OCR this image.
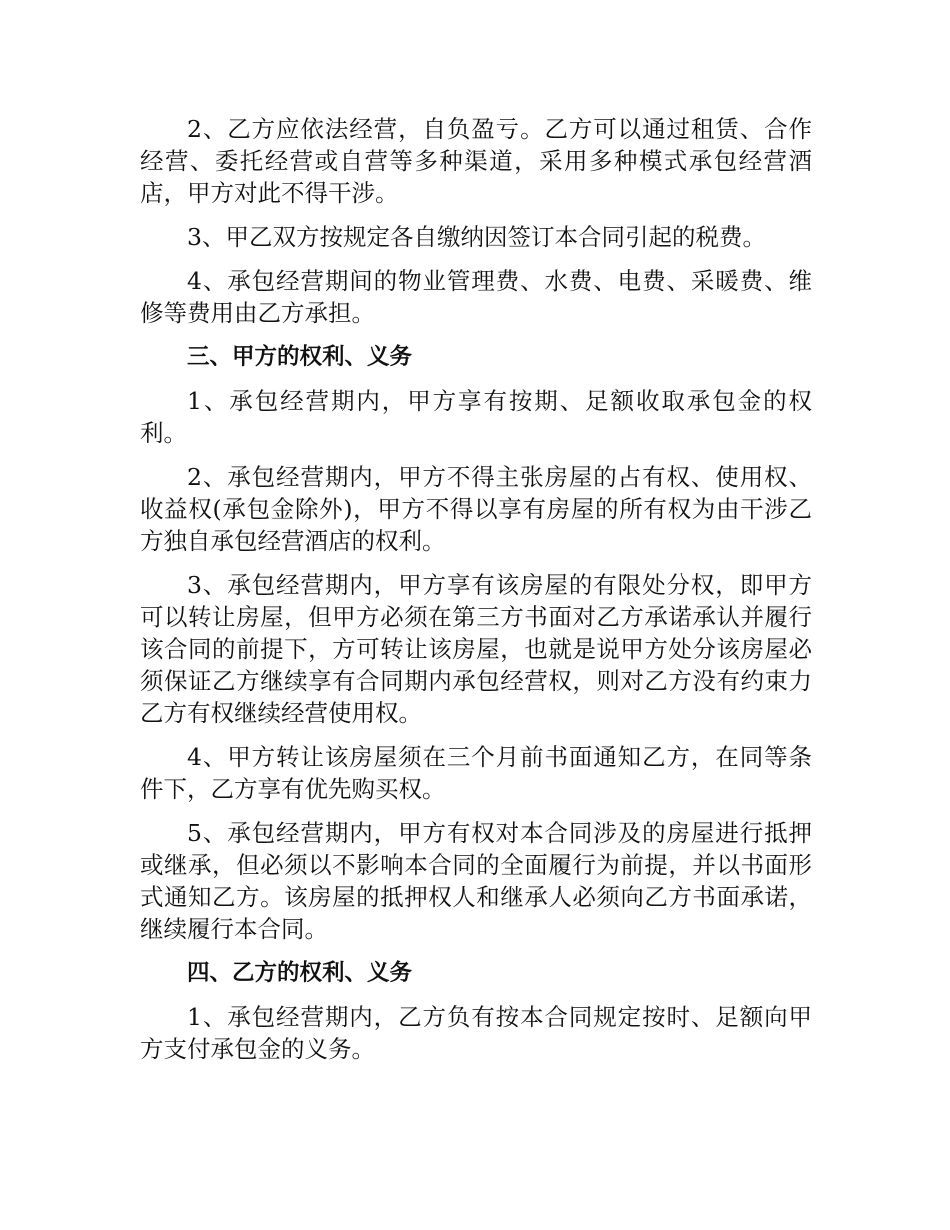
2、乙方应依法经营，自负盈亏。乙方可以通过租赁、合作经营、委托经营或自营等多种渠道，采用多种模式承包经营酒店，甲方对此不得干涉。

3、甲乙双方按规定各自缴纳因签订本合同引起的税费。

4、承包经营期间的物业管理费、水费、电费、采暖费、维修等费用由乙方承担。

三、甲方的权利、义务

1、承包经营期内，甲方享有按期、足额收取承包金的权利。

2、承包经营期内，甲方不得主张房屋的占有权、使用权、收益权(承包金除外)，甲方不得以享有房屋的所有权为由干涉乙方独自承包经营酒店的权利。

3、承包经营期内，甲方享有该房屋的有限处分权，即甲方可以转让房屋，但甲方必须在第三方书面对乙方承诺承认并履行该合同的前提下，方可转让该房屋，也就是说甲方处分该房屋必须保证乙方继续享有合同期内承包经营权，则对乙方没有约束力乙方有权继续经营使用权。

4、甲方转让该房屋须在三个月前书面通知乙方，在同等条件下，乙方享有优先购买权。

5、承包经营期内，甲方有权对本合同涉及的房屋进行抵押或继承，但必须以不影响本合同的全面履行为前提，并以书面形式通知乙方。该房屋的抵押权人和继承人必须向乙方书面承诺，继续履行本合同。

四、乙方的权利、义务

1、承包经营期内，乙方负有按本合同规定按时、足额向甲方支付承包金的义务。
